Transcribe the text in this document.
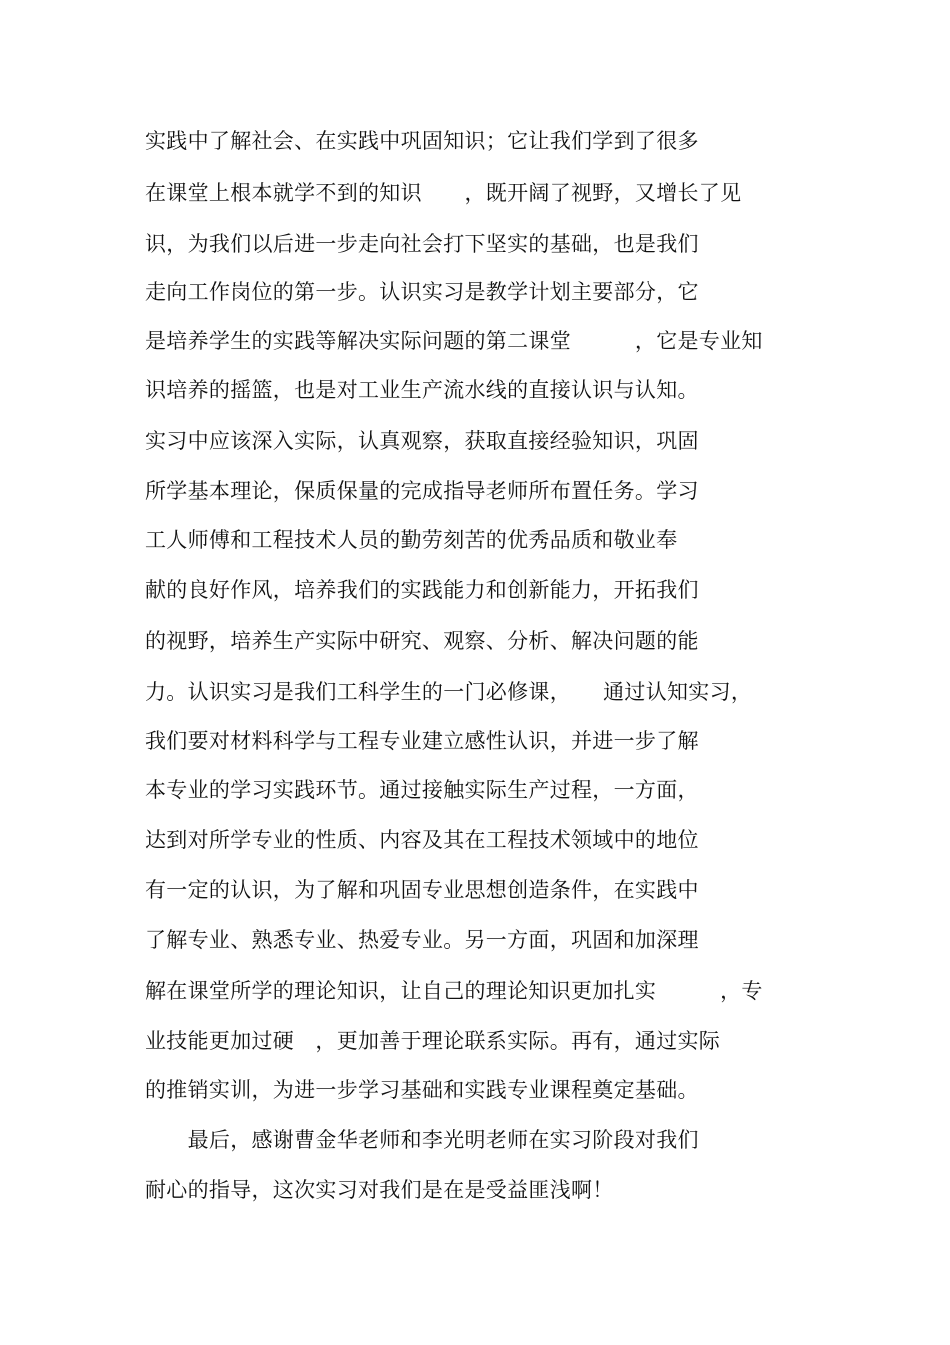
实践中了解社会、在实践中巩固知识；它让我们学到了很多
在课堂上根本就学不到的知识　　，既开阔了视野，又增长了见
识，为我们以后进一步走向社会打下坚实的基础，也是我们
走向工作岗位的第一步。认识实习是教学计划主要部分，它
是培养学生的实践等解决实际问题的第二课堂　　　，它是专业知
识培养的摇篮，也是对工业生产流水线的直接认识与认知。
实习中应该深入实际，认真观察，获取直接经验知识，巩固
所学基本理论，保质保量的完成指导老师所布置任务。学习
工人师傅和工程技术人员的勤劳刻苦的优秀品质和敬业奉
献的良好作风，培养我们的实践能力和创新能力，开拓我们
的视野，培养生产实际中研究、观察、分析、解决问题的能
力。认识实习是我们工科学生的一门必修课，　　通过认知实习，
我们要对材料科学与工程专业建立感性认识，并进一步了解
本专业的学习实践环节。通过接触实际生产过程，一方面，
达到对所学专业的性质、内容及其在工程技术领域中的地位
有一定的认识，为了解和巩固专业思想创造条件，在实践中
了解专业、熟悉专业、热爱专业。另一方面，巩固和加深理
解在课堂所学的理论知识，让自己的理论知识更加扎实　　　，专
业技能更加过硬　，更加善于理论联系实际。再有，通过实际
的推销实训，为进一步学习基础和实践专业课程奠定基础。
　　最后，感谢曹金华老师和李光明老师在实习阶段对我们
耐心的指导，这次实习对我们是在是受益匪浅啊！
